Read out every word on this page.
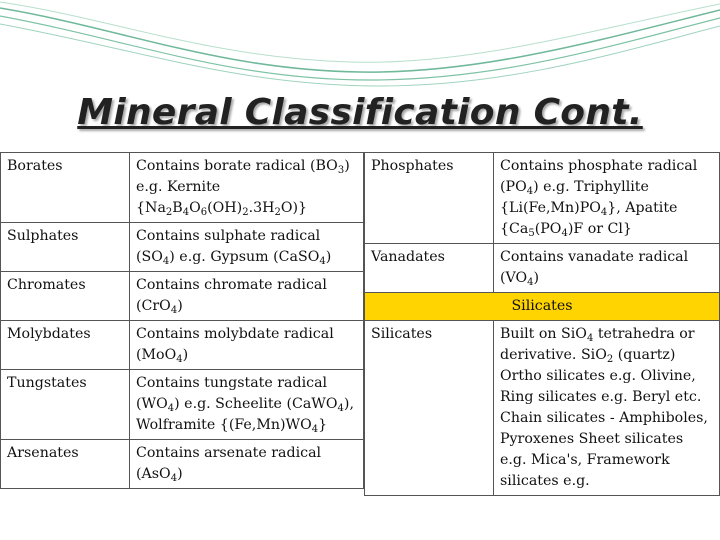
Mineral Classification Cont.
Borates	Contains borate radical $(BO_3)$ e.g. Kernite $\{Na_2B_4O_6(OH)_2.3H_2O)$}
Sulphates	Contains sulphate radical $(SO_4)$ e.g. Gypsum (CaSO$_4$)
Chromates	Contains chromate radical (CrO$_4$)
Molybdates	Contains molybdate radical (MoO$_4$)
Tungstates	Contains tungstate radical $(WO_4)$ e.g. Scheelite (CaWO$_4$), Wolframite $\{(Fe,Mn)WO_4\}$
Arsenates	Contains arsenate radical (AsO$_4$)
Phosphates	Contains phosphate radical $(PO_4)$ e.g. Triphyllite $\{Li(Fe,Mn)PO_4\}$, Apatite {$Ca_5(PO_4)F$ or Cl}
Vanadates	Contains vanadate radical $(VO_4)$
Silicates	
Silicates	Built on SiO$_4$ tetrahedra or derivative. SiO$_2$ (quartz) Ortho silicates e.g. Olivine, Ring silicates e.g. Beryl etc. Chain silicates - Amphiboles, Pyroxenes Sheet silicates e.g. Mica's, Framework silicates e.g.
